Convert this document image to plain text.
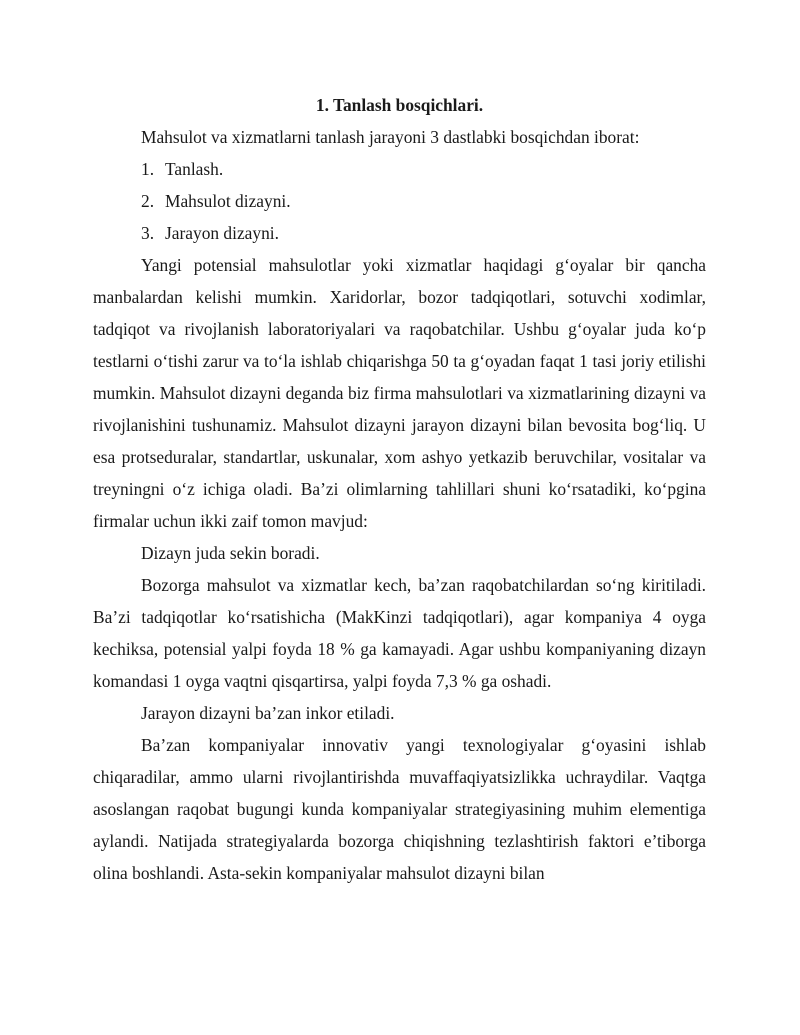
1. Tanlash bosqichlari.

Mahsulot va xizmatlarni tanlash jarayoni 3 dastlabki bosqichdan iborat:

1. Tanlash.

2. Mahsulot dizayni.

3. Jarayon dizayni.

Yangi potensial mahsulotlar yoki xizmatlar haqidagi g‘oyalar bir qancha manbalardan kelishi mumkin. Xaridorlar, bozor tadqiqotlari, sotuvchi xodimlar, tadqiqot va rivojlanish laboratoriyalari va raqobatchilar. Ushbu g‘oyalar juda ko‘p testlarni o‘tishi zarur va to‘la ishlab chiqarishga 50 ta g‘oyadan faqat 1 tasi joriy etilishi mumkin. Mahsulot dizayni deganda biz firma mahsulotlari va xizmatlarining dizayni va rivojlanishini tushunamiz. Mahsulot dizayni jarayon dizayni bilan bevosita bog‘liq. U esa protseduralar, standartlar, uskunalar, xom ashyo yetkazib beruvchilar, vositalar va treyningni o‘z ichiga oladi. Ba’zi olimlarning tahlillari shuni ko‘rsatadiki, ko‘pgina firmalar uchun ikki zaif tomon mavjud:

Dizayn juda sekin boradi.

Bozorga mahsulot va xizmatlar kech, ba’zan raqobatchilardan so‘ng kiritiladi. Ba’zi tadqiqotlar ko‘rsatishicha (MakKinzi tadqiqotlari), agar kompaniya 4 oyga kechiksa, potensial yalpi foyda 18 % ga kamayadi. Agar ushbu kompaniyaning dizayn komandasi 1 oyga vaqtni qisqartirsa, yalpi foyda 7,3 % ga oshadi.

Jarayon dizayni ba’zan inkor etiladi.

Ba’zan kompaniyalar innovativ yangi texnologiyalar g‘oyasini ishlab chiqaradilar, ammo ularni rivojlantirishda muvaffaqiyatsizlikka uchraydilar. Vaqtga asoslangan raqobat bugungi kunda kompaniyalar strategiyasining muhim elementiga aylandi. Natijada strategiyalarda bozorga chiqishning tezlashtirish faktori e’tiborga olina boshlandi. Asta-sekin kompaniyalar mahsulot dizayni bilan
